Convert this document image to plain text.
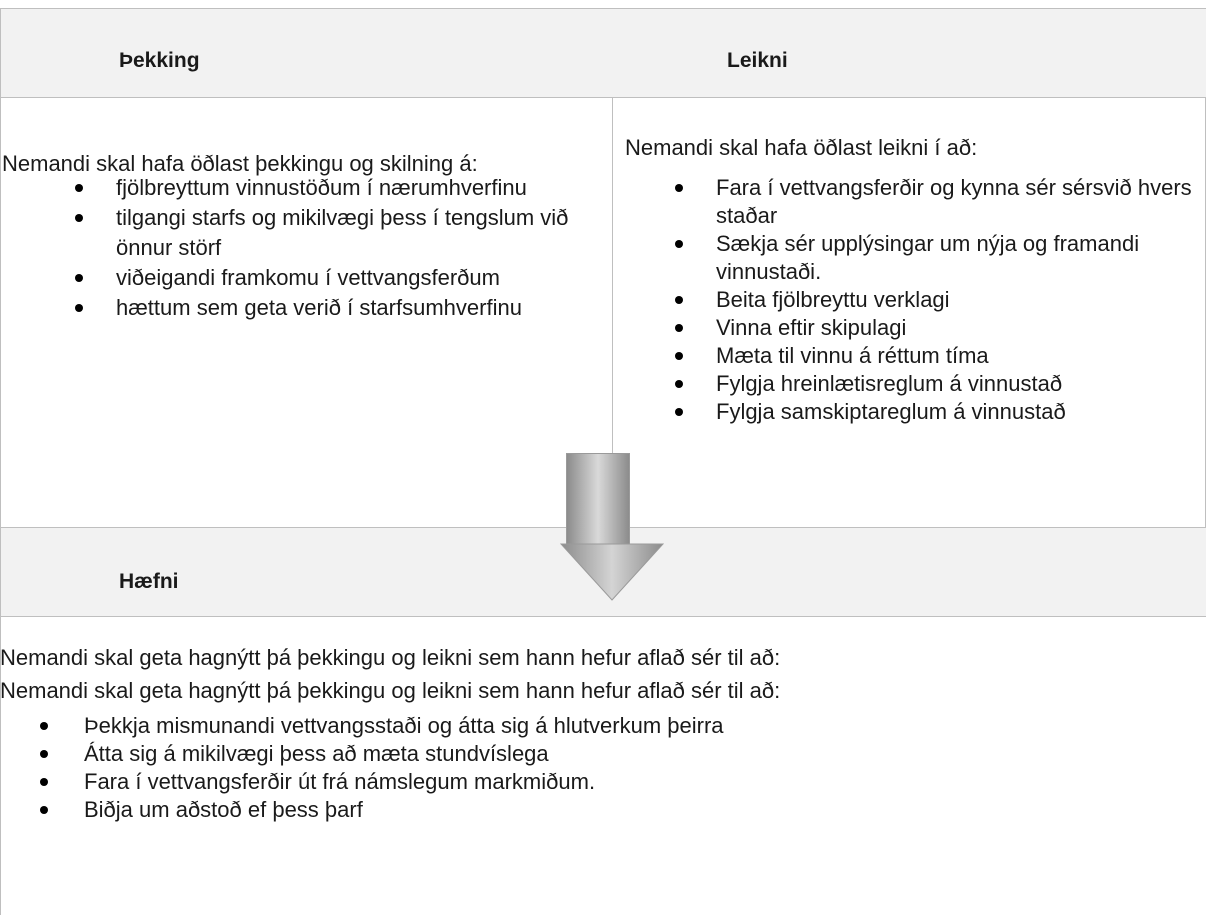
Þekking	Leikni
Nemandi skal hafa öðlast þekkingu og skilning á:
fjölbreyttum vinnustöðum í nærumhverfinu
tilgangi starfs og mikilvægi þess í tengslum við önnur störf
viðeigandi framkomu í vettvangsferðum
hættum sem geta verið í starfsumhverfinu
Nemandi skal hafa öðlast leikni í að:
Fara í vettvangsferðir og kynna sér sérsvið hvers staðar
Sækja sér upplýsingar um nýja og framandi vinnustaði.
Beita fjölbreyttu verklagi
Vinna eftir skipulagi
Mæta til vinnu á réttum tíma
Fylgja hreinlætisreglum á vinnustað
Fylgja samskiptareglum á vinnustað
Hæfni
Nemandi skal geta hagnýtt þá þekkingu og leikni sem hann hefur aflað sér til að:
Nemandi skal geta hagnýtt þá þekkingu og leikni sem hann hefur aflað sér til að:
Þekkja mismunandi vettvangsstaði og átta sig á hlutverkum þeirra
Átta sig á mikilvægi þess að mæta stundvíslega
Fara í vettvangsferðir út frá námslegum markmiðum.
Biðja um aðstoð ef þess þarf
